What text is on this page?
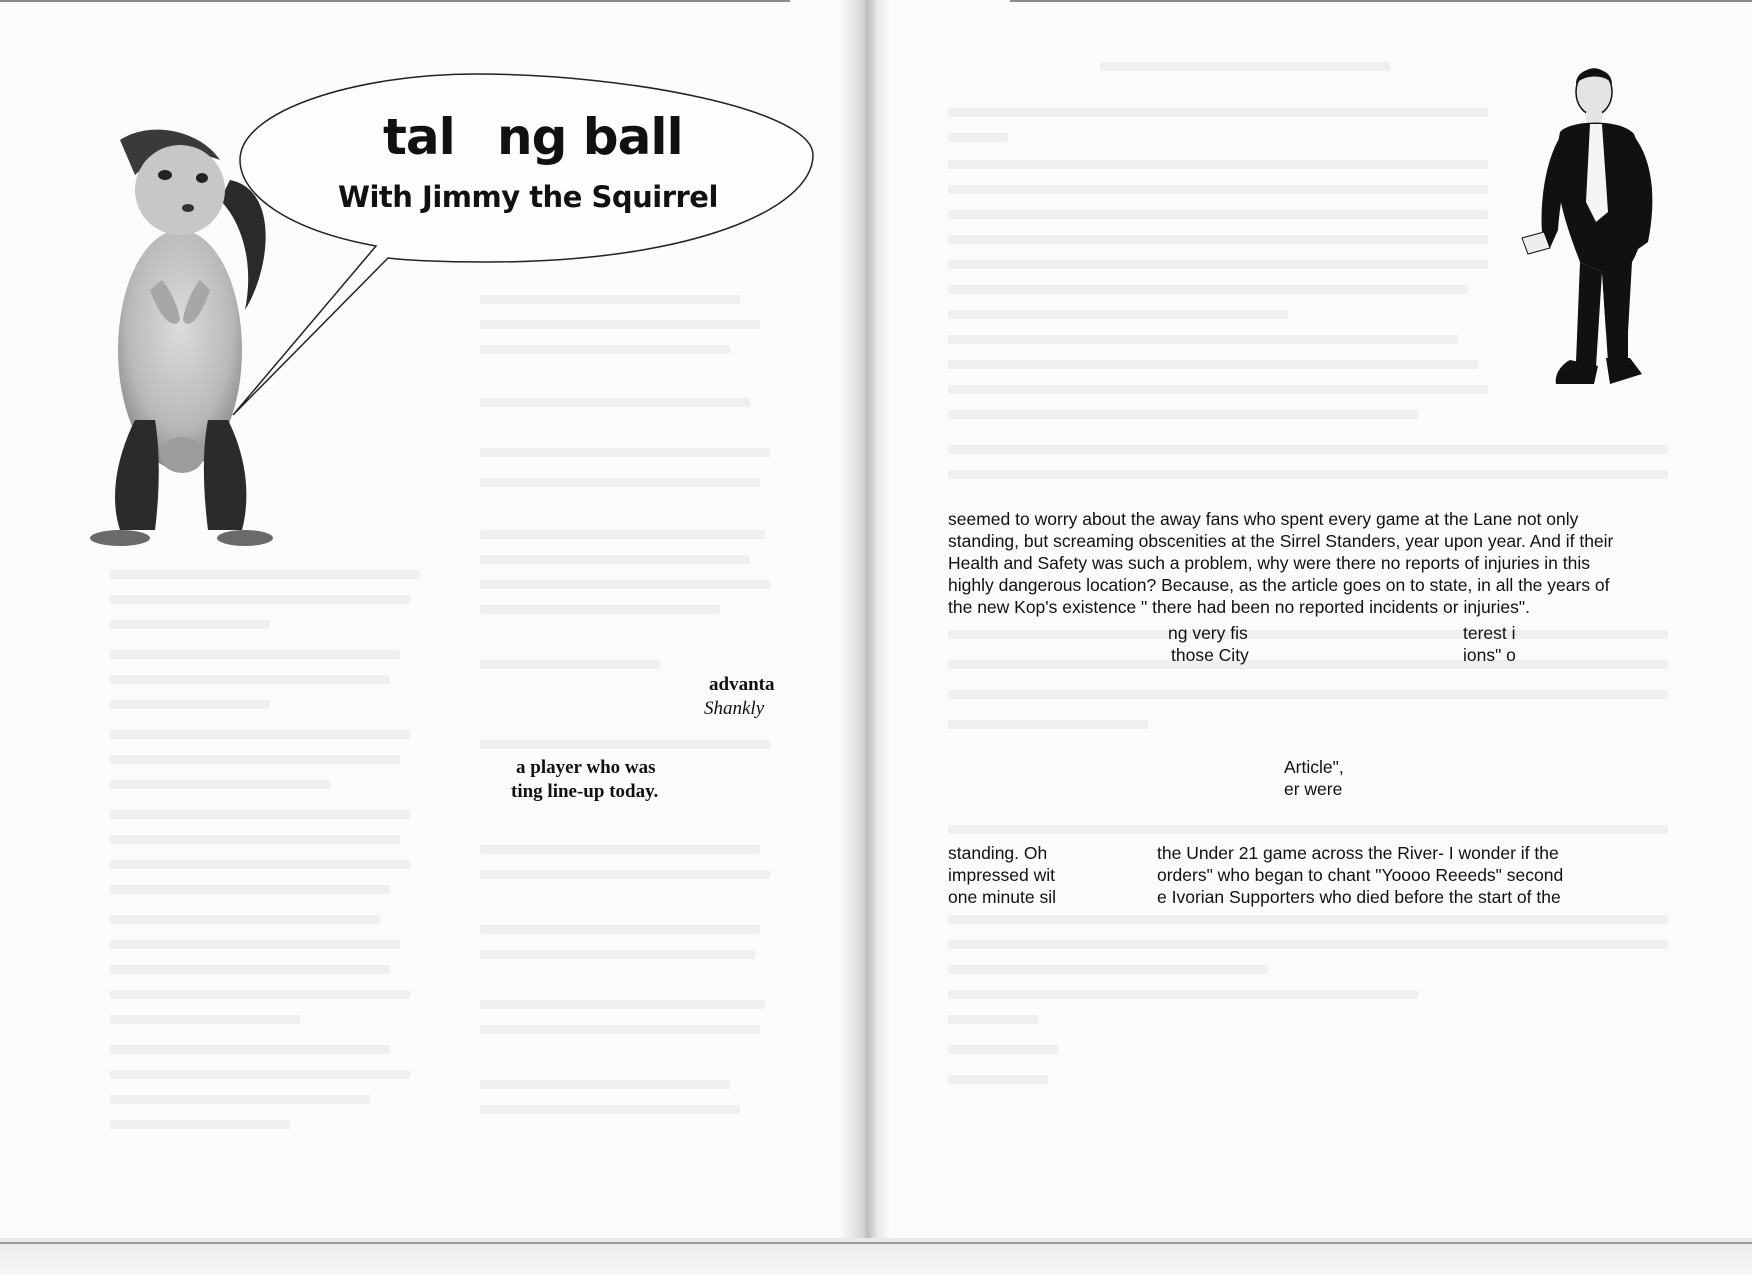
tal ng ball
With Jimmy the Squirrel
advanta
Shankly
a player who was
ting line-up today.
seemed to worry about the away fans who spent every game at the Lane not only
standing, but screaming obscenities at the Sirrel Standers, year upon year. And if their
Health and Safety was such a problem, why were there no reports of injuries in this
highly dangerous location? Because, as the article goes on to state, in all the years of
the new Kop's existence " there had been no reported incidents or injuries".
ng very fis
those City
terest i
ions" o
Article",
er were
standing. Oh
impressed wit
one minute sil
the Under 21 game across the River- I wonder if the
orders" who began to chant "Yoooo Reeeds" second
e Ivorian Supporters who died before the start of the
